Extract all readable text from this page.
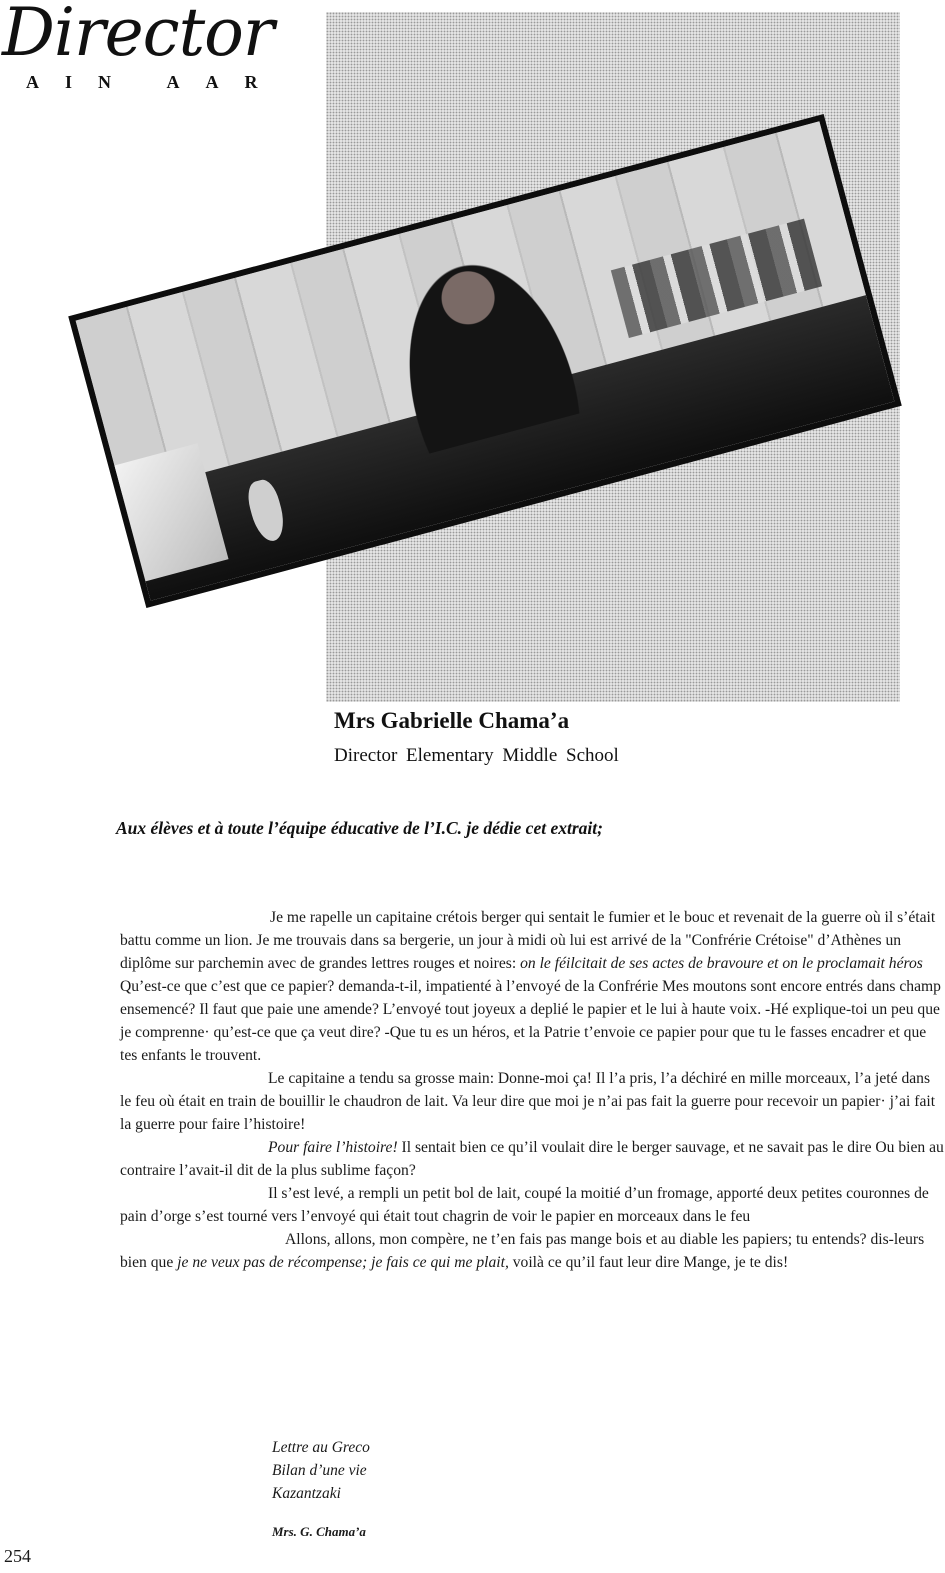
Director
AIN AAR
Mrs Gabrielle Chama’a
Director Elementary Middle School
Aux élèves et à toute l’équipe éducative de l’I.C. je dédie cet extrait;

Je me rapelle un capitaine crétois berger qui sentait le fumier et le bouc et revenait de la guerre où il s’était battu comme un lion. Je me trouvais dans sa bergerie, un jour à midi où lui est arrivé de la "Confrérie Crétoise" d’Athènes un diplôme sur parchemin avec de grandes lettres rouges et noires: on le féilcitait de ses actes de bravoure et on le proclamait héros Qu’est-ce que c’est que ce papier? demanda-t-il, impatienté à l’envoyé de la Confrérie Mes moutons sont encore entrés dans champ ensemencé? Il faut que paie une amende? L’envoyé tout joyeux a deplié le papier et le lui à haute voix. -Hé explique-toi un peu que je comprenne· qu’est-ce que ça veut dire? -Que tu es un héros, et la Patrie t’envoie ce papier pour que tu le fasses encadrer et que tes enfants le trouvent.

Le capitaine a tendu sa grosse main: Donne-moi ça! Il l’a pris, l’a déchiré en mille morceaux, l’a jeté dans le feu où était en train de bouillir le chaudron de lait. Va leur dire que moi je n’ai pas fait la guerre pour recevoir un papier· j’ai fait la guerre pour faire l’histoire!

Pour faire l’histoire! Il sentait bien ce qu’il voulait dire le berger sauvage, et ne savait pas le dire Ou bien au contraire l’avait-il dit de la plus sublime façon?

Il s’est levé, a rempli un petit bol de lait, coupé la moitié d’un fromage, apporté deux petites couronnes de pain d’orge s’est tourné vers l’envoyé qui était tout chagrin de voir le papier en morceaux dans le feu

Allons, allons, mon compère, ne t’en fais pas mange bois et au diable les papiers; tu entends? dis-leurs bien que je ne veux pas de récompense; je fais ce qui me plait, voilà ce qu’il faut leur dire Mange, je te dis!

Lettre au Greco
Bilan d’une vie
Kazantzaki
Mrs. G. Chama’a
254
